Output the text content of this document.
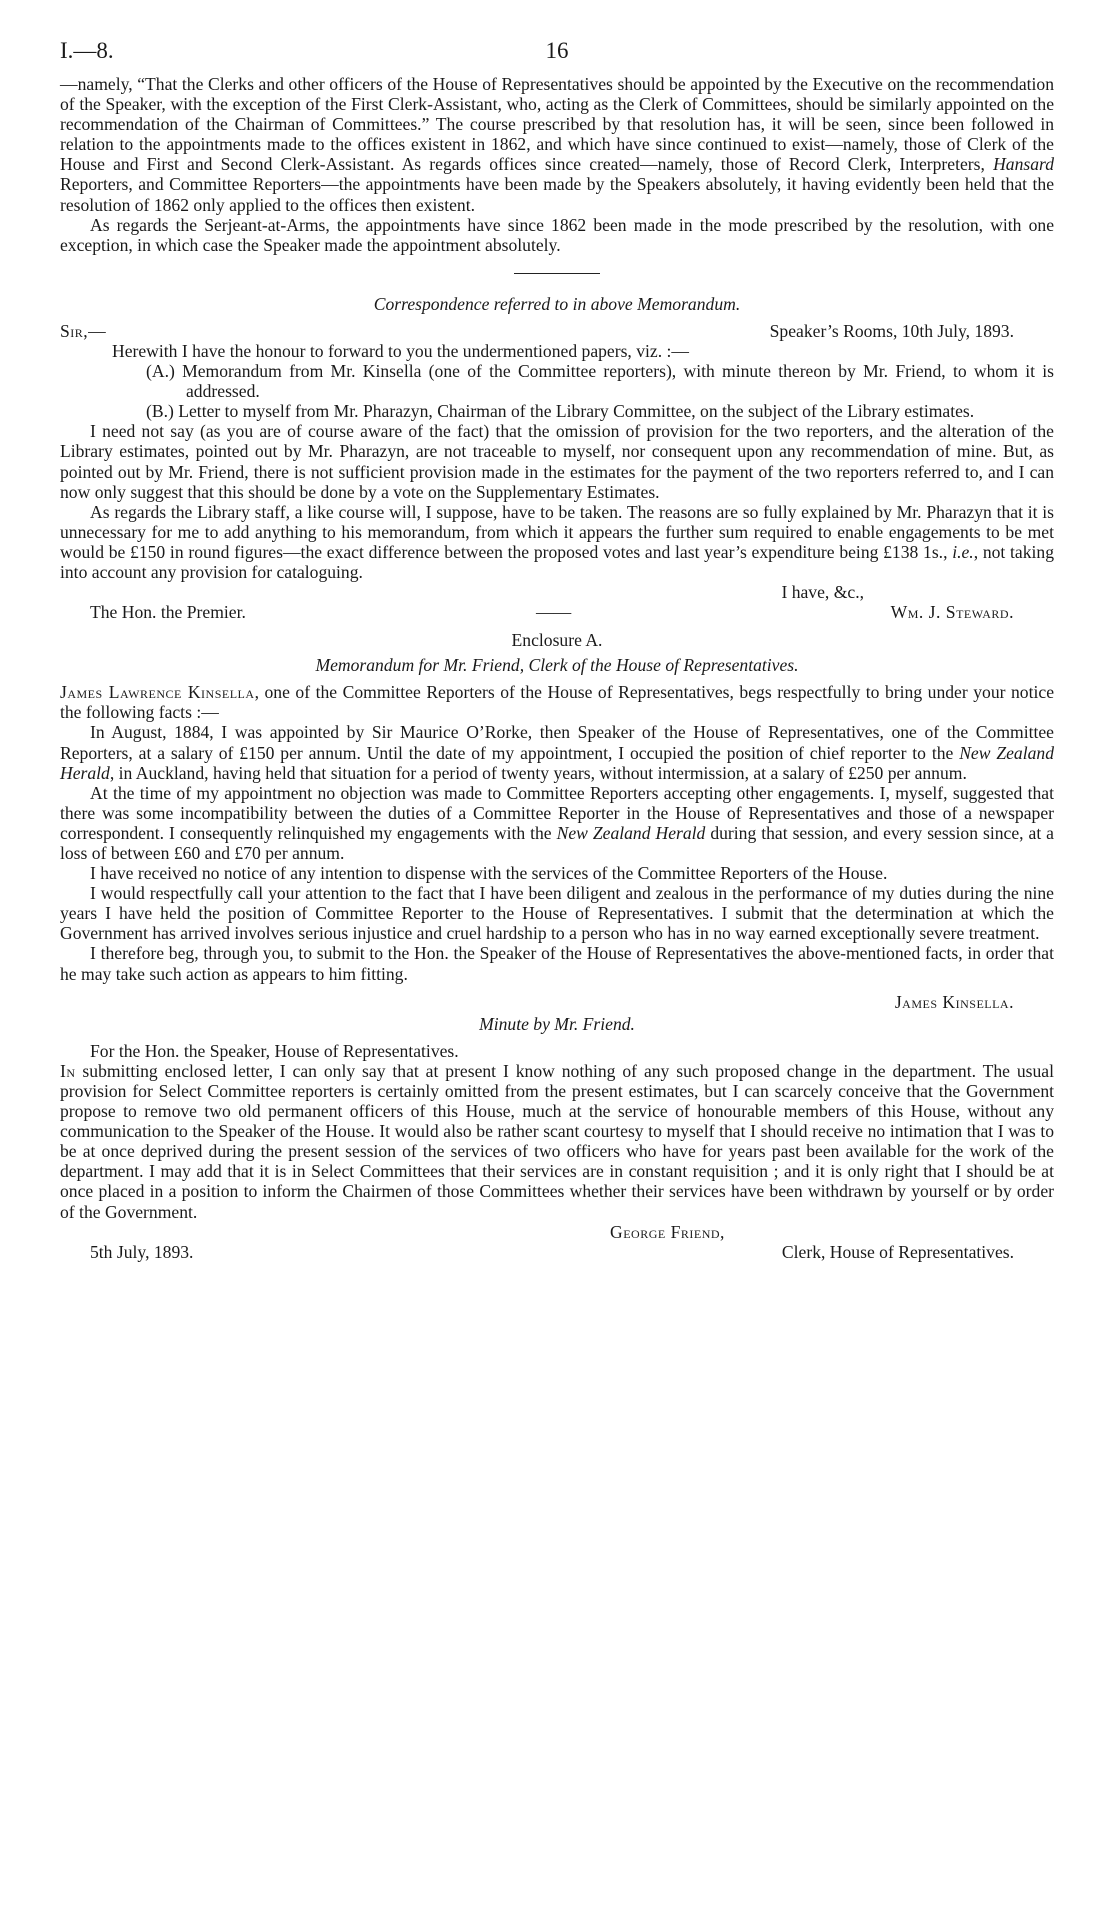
I.—8.	16

—namely, “That the Clerks and other officers of the House of Representatives should be appointed by the Executive on the recommendation of the Speaker, with the exception of the First Clerk-Assistant, who, acting as the Clerk of Committees, should be similarly appointed on the recommendation of the Chairman of Committees.” The course prescribed by that resolution has, it will be seen, since been followed in relation to the appointments made to the offices existent in 1862, and which have since continued to exist—namely, those of Clerk of the House and First and Second Clerk-Assistant. As regards offices since created—namely, those of Record Clerk, Interpreters, Hansard Reporters, and Committee Reporters—the appointments have been made by the Speakers absolutely, it having evidently been held that the resolution of 1862 only applied to the offices then existent.

As regards the Serjeant-at-Arms, the appointments have since 1862 been made in the mode prescribed by the resolution, with one exception, in which case the Speaker made the appointment absolutely.

Correspondence referred to in above Memorandum.
Sir,—	Speaker’s Rooms, 10th July, 1893.

Herewith I have the honour to forward to you the undermentioned papers, viz. :—

(A.) Memorandum from Mr. Kinsella (one of the Committee reporters), with minute thereon by Mr. Friend, to whom it is addressed.

(B.) Letter to myself from Mr. Pharazyn, Chairman of the Library Committee, on the subject of the Library estimates.

I need not say (as you are of course aware of the fact) that the omission of provision for the two reporters, and the alteration of the Library estimates, pointed out by Mr. Pharazyn, are not traceable to myself, nor consequent upon any recommendation of mine. But, as pointed out by Mr. Friend, there is not sufficient provision made in the estimates for the payment of the two reporters referred to, and I can now only suggest that this should be done by a vote on the Supplementary Estimates.

As regards the Library staff, a like course will, I suppose, have to be taken. The reasons are so fully explained by Mr. Pharazyn that it is unnecessary for me to add anything to his memorandum, from which it appears the further sum required to enable engagements to be met would be £150 in round figures—the exact difference between the proposed votes and last year’s expenditure being £138 1s., i.e., not taking into account any provision for cataloguing.

I have, &c.,
The Hon. the Premier.	——	Wm. J. Steward.
Enclosure A.
Memorandum for Mr. Friend, Clerk of the House of Representatives.

James Lawrence Kinsella, one of the Committee Reporters of the House of Representatives, begs respectfully to bring under your notice the following facts :—

In August, 1884, I was appointed by Sir Maurice O’Rorke, then Speaker of the House of Representatives, one of the Committee Reporters, at a salary of £150 per annum. Until the date of my appointment, I occupied the position of chief reporter to the New Zealand Herald, in Auckland, having held that situation for a period of twenty years, without intermission, at a salary of £250 per annum.

At the time of my appointment no objection was made to Committee Reporters accepting other engagements. I, myself, suggested that there was some incompatibility between the duties of a Committee Reporter in the House of Representatives and those of a newspaper correspondent. I consequently relinquished my engagements with the New Zealand Herald during that session, and every session since, at a loss of between £60 and £70 per annum.

I have received no notice of any intention to dispense with the services of the Committee Reporters of the House.

I would respectfully call your attention to the fact that I have been diligent and zealous in the performance of my duties during the nine years I have held the position of Committee Reporter to the House of Representatives. I submit that the determination at which the Government has arrived involves serious injustice and cruel hardship to a person who has in no way earned exceptionally severe treatment.

I therefore beg, through you, to submit to the Hon. the Speaker of the House of Representatives the above-mentioned facts, in order that he may take such action as appears to him fitting.

James Kinsella.
Minute by Mr. Friend.

For the Hon. the Speaker, House of Representatives.

In submitting enclosed letter, I can only say that at present I know nothing of any such proposed change in the department. The usual provision for Select Committee reporters is certainly omitted from the present estimates, but I can scarcely conceive that the Government propose to remove two old permanent officers of this House, much at the service of honourable members of this House, without any communication to the Speaker of the House. It would also be rather scant courtesy to myself that I should receive no intimation that I was to be at once deprived during the present session of the services of two officers who have for years past been available for the work of the department. I may add that it is in Select Committees that their services are in constant requisition ; and it is only right that I should be at once placed in a position to inform the Chairmen of those Committees whether their services have been withdrawn by yourself or by order of the Government.

George Friend,
5th July, 1893.	Clerk, House of Representatives.
